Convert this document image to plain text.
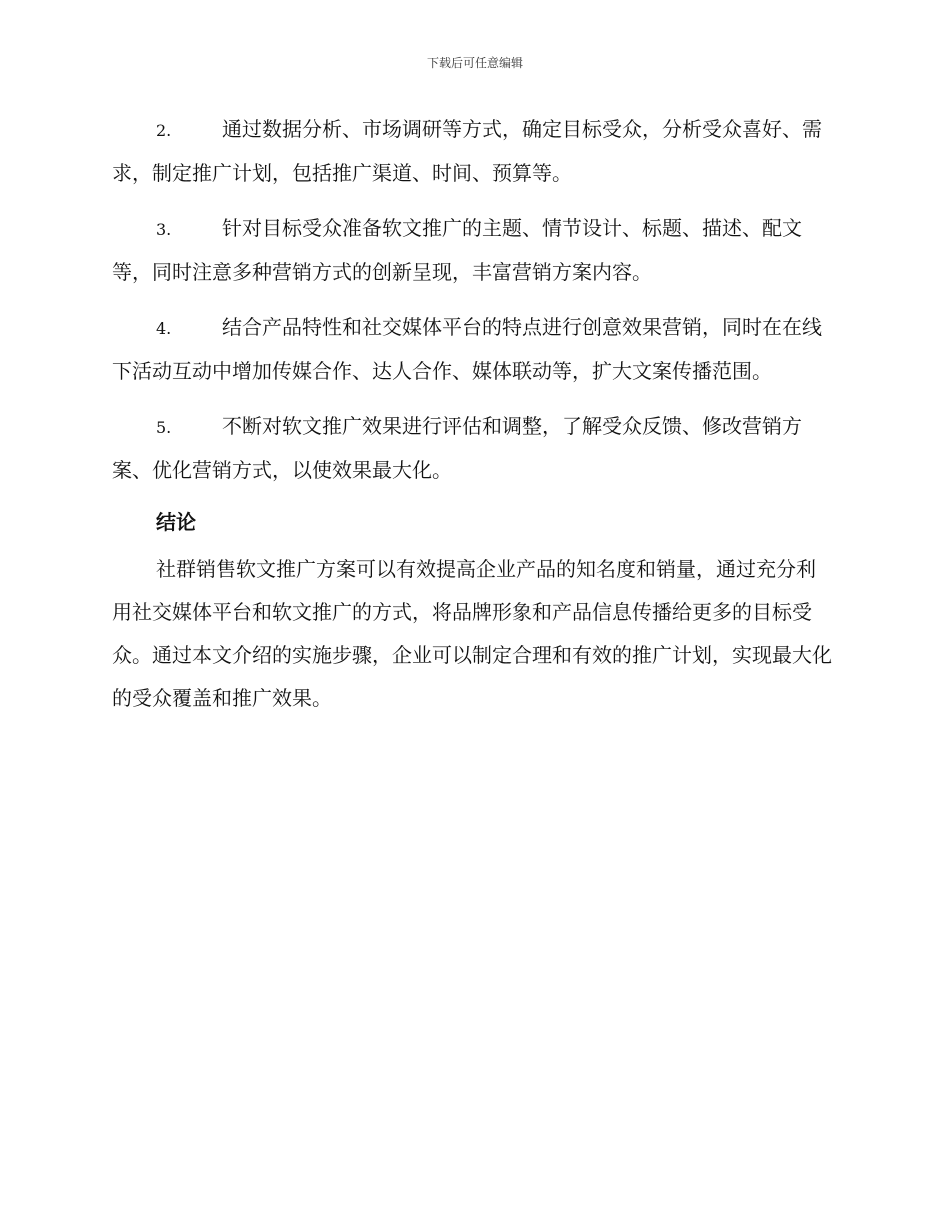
下载后可任意编辑

2.	通过数据分析、市场调研等方式，确定目标受众，分析受众喜好、需求，制定推广计划，包括推广渠道、时间、预算等。

3.	针对目标受众准备软文推广的主题、情节设计、标题、描述、配文等，同时注意多种营销方式的创新呈现，丰富营销方案内容。

4.	结合产品特性和社交媒体平台的特点进行创意效果营销，同时在在线下活动互动中增加传媒合作、达人合作、媒体联动等，扩大文案传播范围。

5.	不断对软文推广效果进行评估和调整，了解受众反馈、修改营销方案、优化营销方式，以使效果最大化。

结论

社群销售软文推广方案可以有效提高企业产品的知名度和销量，通过充分利用社交媒体平台和软文推广的方式，将品牌形象和产品信息传播给更多的目标受众。通过本文介绍的实施步骤，企业可以制定合理和有效的推广计划，实现最大化的受众覆盖和推广效果。
